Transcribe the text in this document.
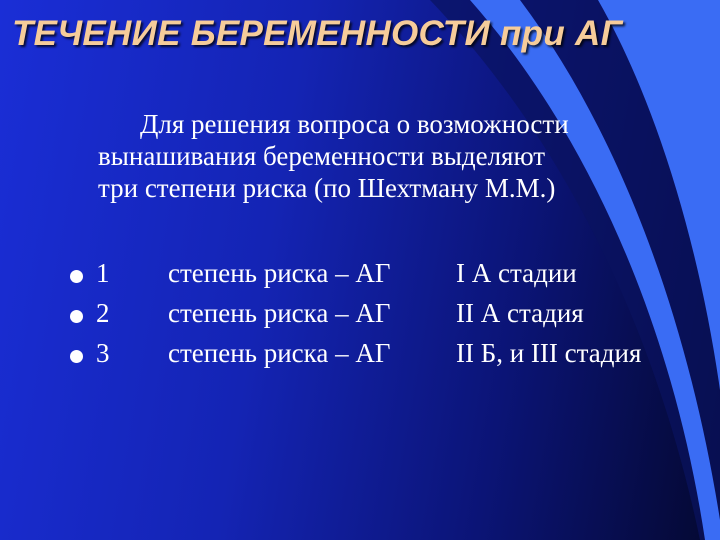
ТЕЧЕНИЕ БЕРЕМЕННОСТИ при АГ
Для решения вопроса о возможности
вынашивания беременности выделяют
три степени риска (по Шехтману М.М.)
1 степень риска – АГ I А стадии
2 степень риска – АГ II А стадия
3 степень риска – АГ II Б, и III стадия
